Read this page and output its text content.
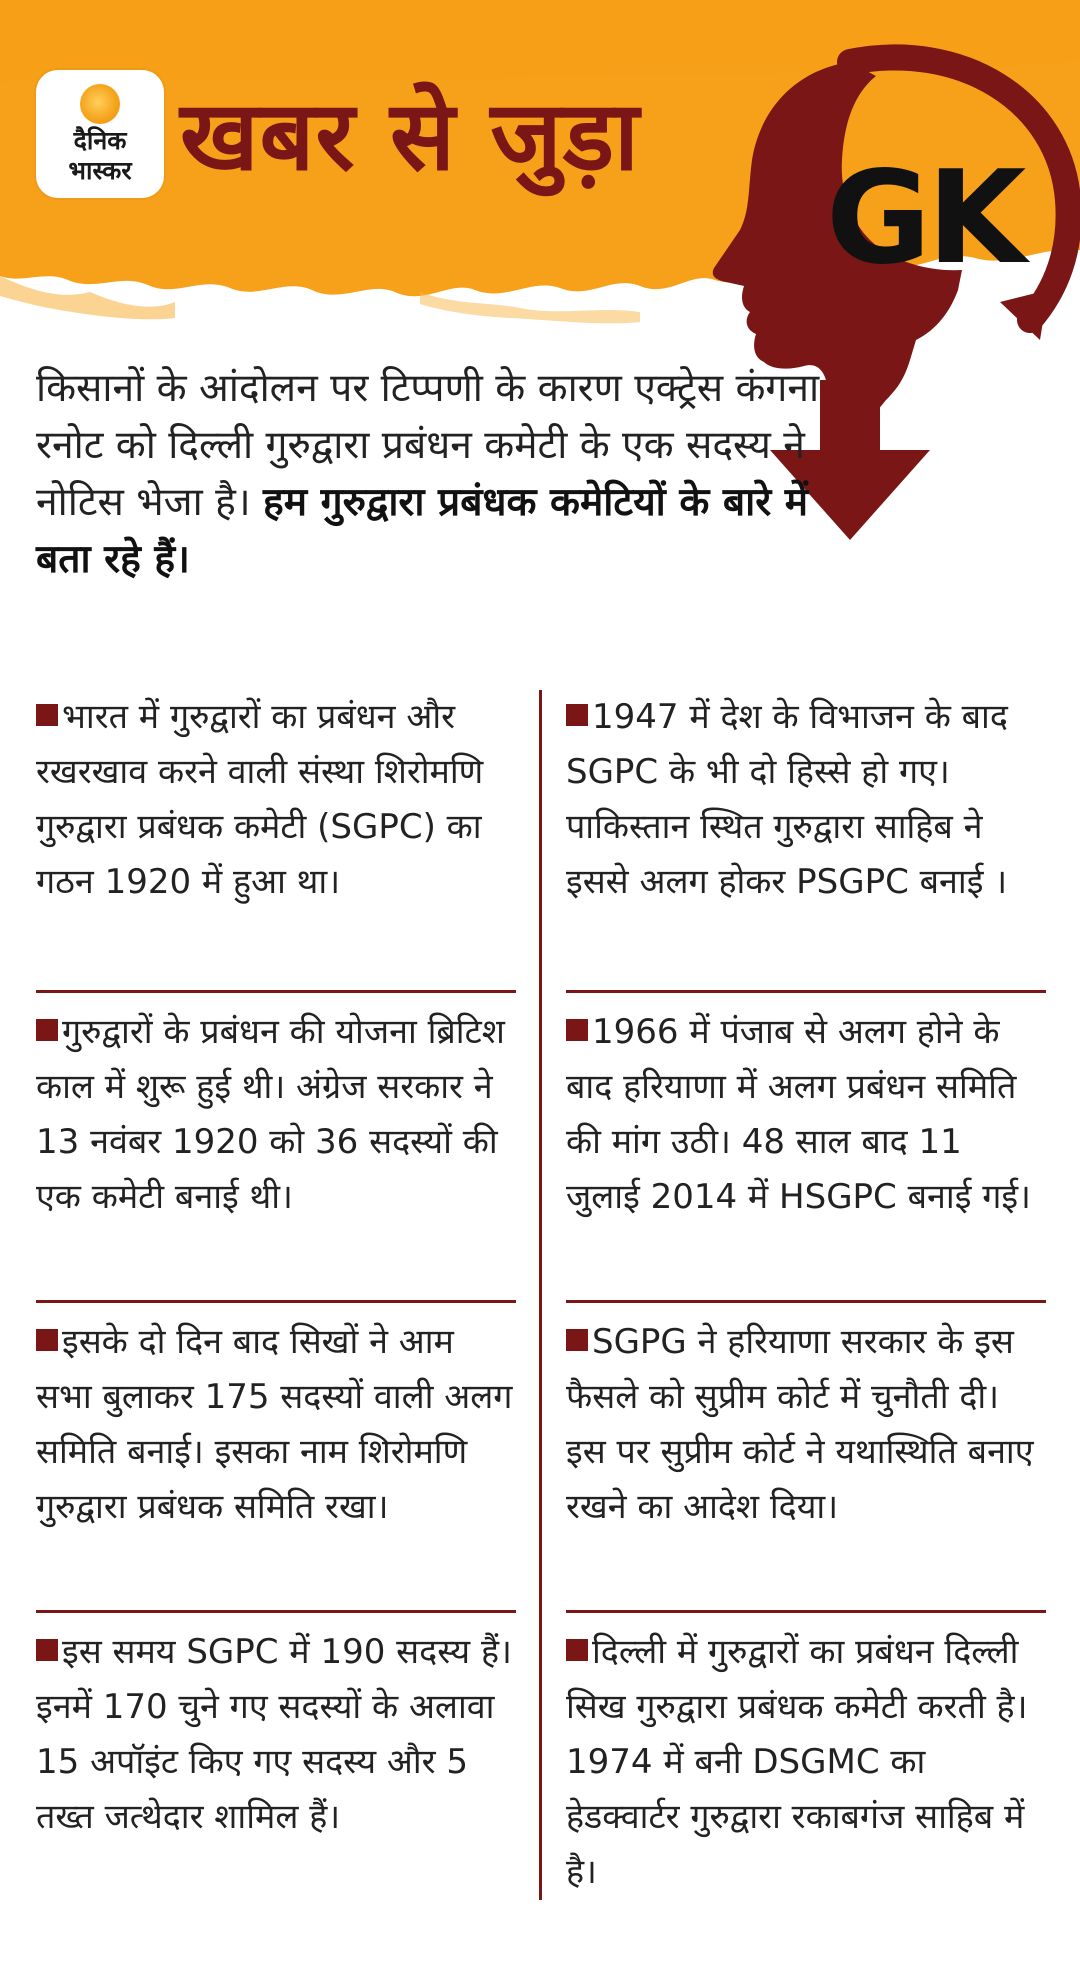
दैनिक
भास्कर खबर से जुड़ा
GK
किसानों के आंदोलन पर टिप्पणी के कारण एक्ट्रेस कंगना रनोट को दिल्ली गुरुद्वारा प्रबंधन कमेटी के एक सदस्य ने नोटिस भेजा है। हम गुरुद्वारा प्रबंधक कमेटियों के बारे में बता रहे हैं।
भारत में गुरुद्वारों का प्रबंधन और रखरखाव करने वाली संस्था शिरोमणि गुरुद्वारा प्रबंधक कमेटी (SGPC) का गठन 1920 में हुआ था।
गुरुद्वारों के प्रबंधन की योजना ब्रिटिश काल में शुरू हुई थी। अंग्रेज सरकार ने 13 नवंबर 1920 को 36 सदस्यों की एक कमेटी बनाई थी।
इसके दो दिन बाद सिखों ने आम सभा बुलाकर 175 सदस्यों वाली अलग समिति बनाई। इसका नाम शिरोमणि गुरुद्वारा प्रबंधक समिति रखा।
इस समय SGPC में 190 सदस्य हैं। इनमें 170 चुने गए सदस्यों के अलावा 15 अपॉइंट किए गए सदस्य और 5 तख्त जत्थेदार शामिल हैं।
1947 में देश के विभाजन के बाद SGPC के भी दो हिस्से हो गए। पाकिस्तान स्थित गुरुद्वारा साहिब ने इससे अलग होकर PSGPC बनाई ।
1966 में पंजाब से अलग होने के बाद हरियाणा में अलग प्रबंधन समिति की मांग उठी। 48 साल बाद 11 जुलाई 2014 में HSGPC बनाई गई।
SGPG ने हरियाणा सरकार के इस फैसले को सुप्रीम कोर्ट में चुनौती दी। इस पर सुप्रीम कोर्ट ने यथास्थिति बनाए रखने का आदेश दिया।
दिल्ली में गुरुद्वारों का प्रबंधन दिल्ली सिख गुरुद्वारा प्रबंधक कमेटी करती है। 1974 में बनी DSGMC का हेडक्वार्टर गुरुद्वारा रकाबगंज साहिब में है।
